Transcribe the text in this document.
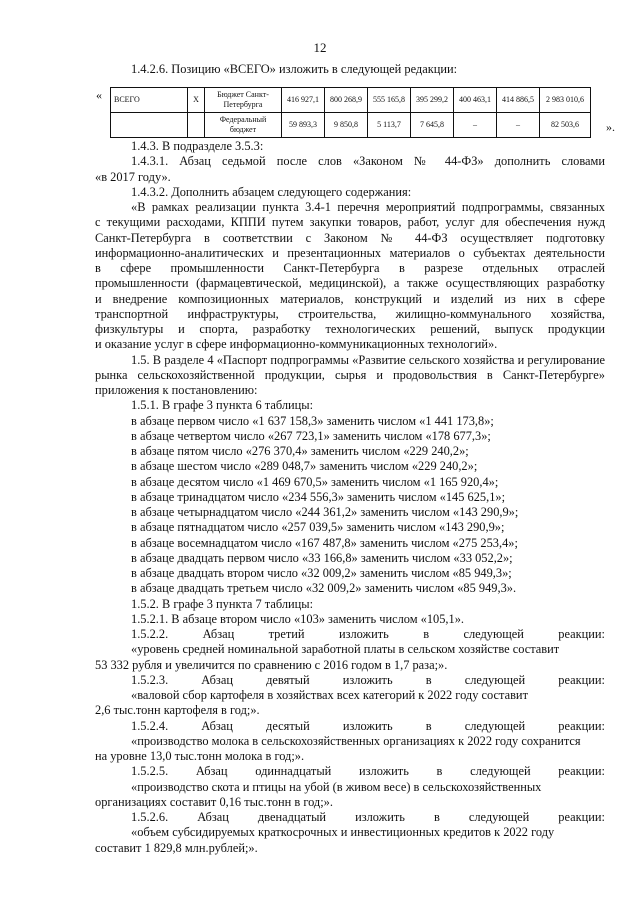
12
1.4.2.6. Позицию «ВСЕГО» изложить в следующей редакции:
« ВСЕГО	X	Бюджет Санкт-Петербурга	416 927,1	800 268,9	555 165,8	395 299,2	400 463,1	414 886,5	2 983 010,6
		Федеральный бюджет	59 893,3	9 850,8	5 113,7	7 645,8	–	–	82 503,6 ».
1.4.3. В подразделе 3.5.3:
1.4.3.1. Абзац седьмой после слов «Законом № 44-ФЗ» дополнить словами
«в 2017 году».
1.4.3.2. Дополнить абзацем следующего содержания:
«В рамках реализации пункта 3.4-1 перечня мероприятий подпрограммы, связанных
с текущими расходами, КППИ путем закупки товаров, работ, услуг для обеспечения нужд
Санкт-Петербурга в соответствии с Законом № 44-ФЗ осуществляет подготовку
информационно-аналитических и презентационных материалов о субъектах деятельности
в сфере промышленности Санкт-Петербурга в разрезе отдельных отраслей
промышленности (фармацевтической, медицинской), а также осуществляющих разработку
и внедрение композиционных материалов, конструкций и изделий из них в сфере
транспортной инфраструктуры, строительства, жилищно-коммунального хозяйства,
физкультуры и спорта, разработку технологических решений, выпуск продукции
и оказание услуг в сфере информационно-коммуникационных технологий».
1.5. В разделе 4 «Паспорт подпрограммы «Развитие сельского хозяйства и регулирование
рынка сельскохозяйственной продукции, сырья и продовольствия в Санкт-Петербурге»
приложения к постановлению:
1.5.1. В графе 3 пункта 6 таблицы:
в абзаце первом число «1 637 158,3» заменить числом «1 441 173,8»;
в абзаце четвертом число «267 723,1» заменить числом «178 677,3»;
в абзаце пятом число «276 370,4» заменить числом «229 240,2»;
в абзаце шестом число «289 048,7» заменить числом «229 240,2»;
в абзаце десятом число «1 469 670,5» заменить числом «1 165 920,4»;
в абзаце тринадцатом число «234 556,3» заменить числом «145 625,1»;
в абзаце четырнадцатом число «244 361,2» заменить числом «143 290,9»;
в абзаце пятнадцатом число «257 039,5» заменить числом «143 290,9»;
в абзаце восемнадцатом число «167 487,8» заменить числом «275 253,4»;
в абзаце двадцать первом число «33 166,8» заменить числом «33 052,2»;
в абзаце двадцать втором число «32 009,2» заменить числом «85 949,3»;
в абзаце двадцать третьем число «32 009,2» заменить числом «85 949,3».
1.5.2. В графе 3 пункта 7 таблицы:
1.5.2.1. В абзаце втором число «103» заменить числом «105,1».
1.5.2.2. Абзац третий изложить в следующей реакции:
«уровень средней номинальной заработной платы в сельском хозяйстве составит
53 332 рубля и увеличится по сравнению с 2016 годом в 1,7 раза;».
1.5.2.3. Абзац девятый изложить в следующей реакции:
«валовой сбор картофеля в хозяйствах всех категорий к 2022 году составит
2,6 тыс.тонн картофеля в год;».
1.5.2.4. Абзац десятый изложить в следующей реакции:
«производство молока в сельскохозяйственных организациях к 2022 году сохранится
на уровне 13,0 тыс.тонн молока в год;».
1.5.2.5. Абзац одиннадцатый изложить в следующей реакции:
«производство скота и птицы на убой (в живом весе) в сельскохозяйственных
организациях составит 0,16 тыс.тонн в год;».
1.5.2.6. Абзац двенадцатый изложить в следующей реакции:
«объем субсидируемых краткосрочных и инвестиционных кредитов к 2022 году
составит 1 829,8 млн.рублей;».
